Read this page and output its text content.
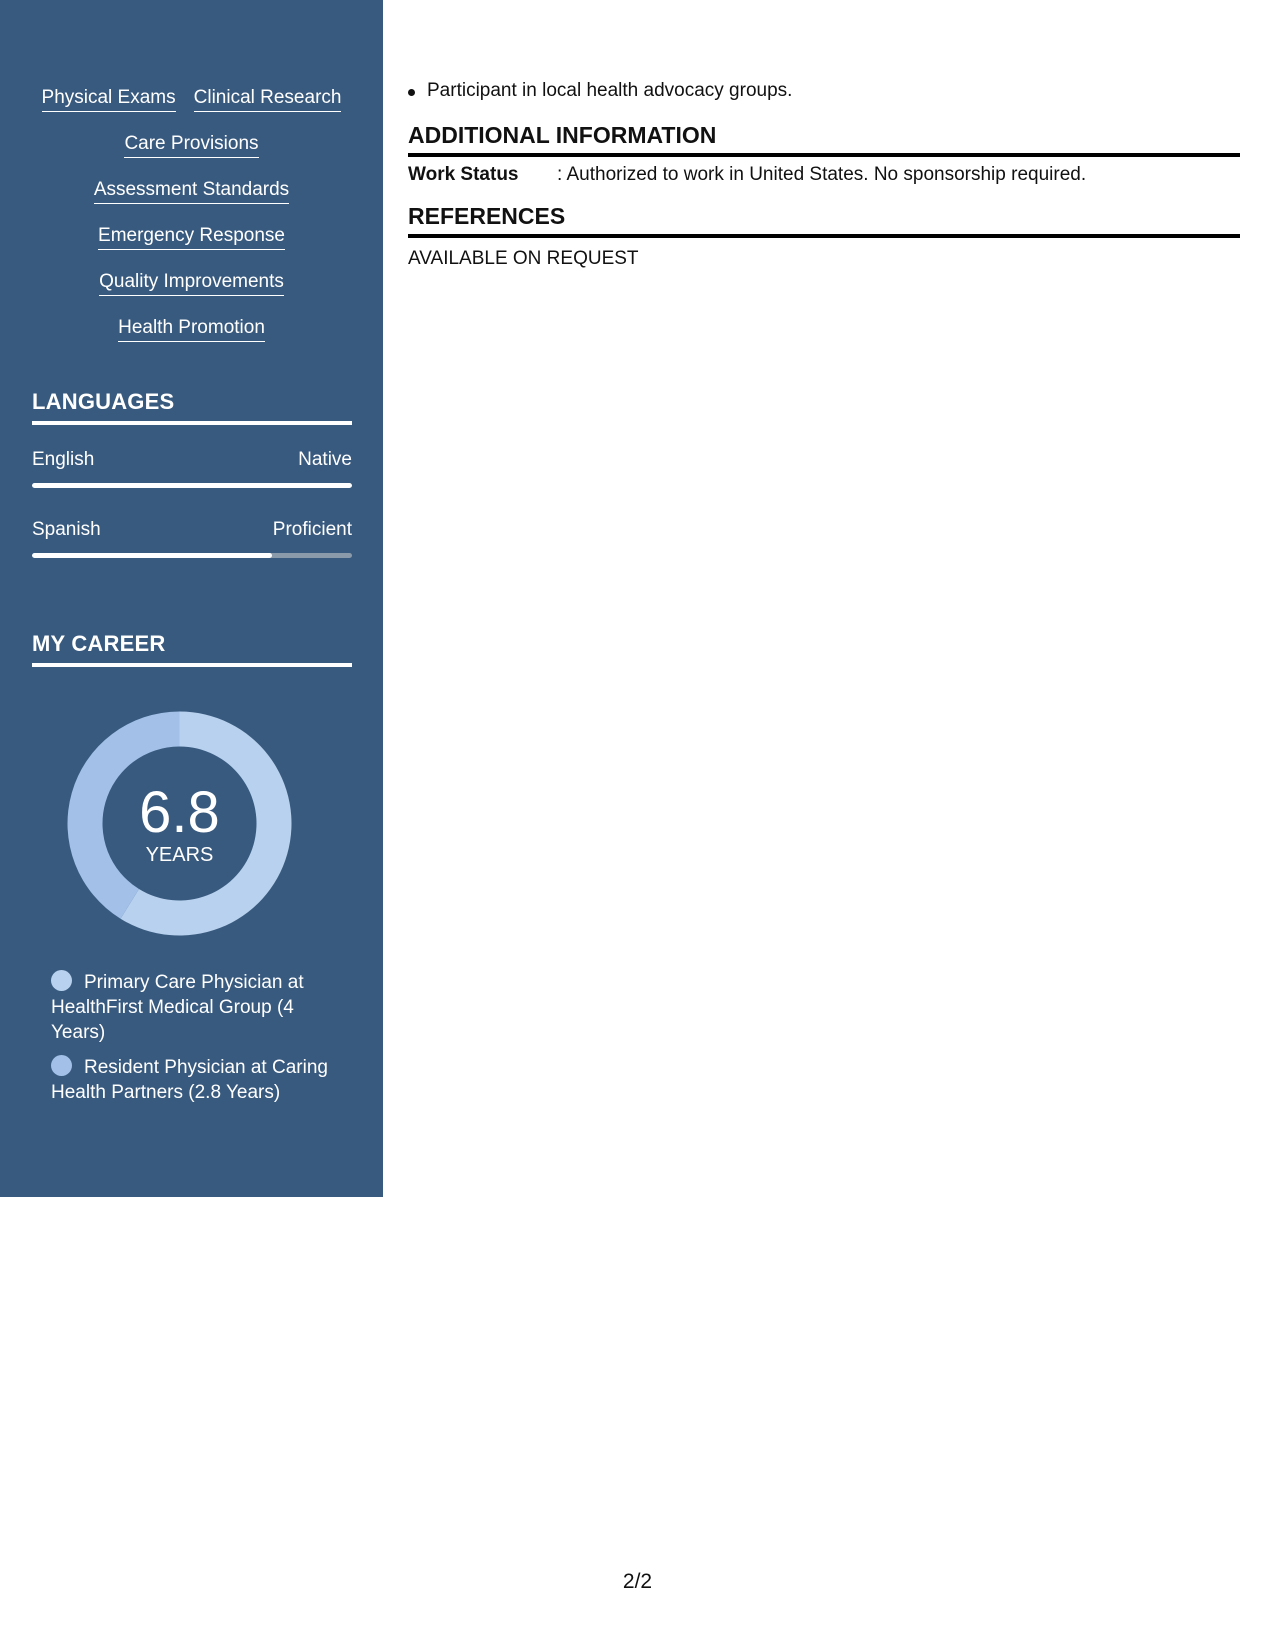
Physical Exams Clinical Research
Care Provisions
Assessment Standards
Emergency Response
Quality Improvements
Health Promotion
LANGUAGES
English	Native
Spanish	Proficient
MY CAREER
6.8
YEARS
Primary Care Physician at HealthFirst Medical Group (4 Years)
Resident Physician at Caring Health Partners (2.8 Years)
Participant in local health advocacy groups.
ADDITIONAL INFORMATION
Work Status	: Authorized to work in United States. No sponsorship required.
REFERENCES
AVAILABLE ON REQUEST
2/2
